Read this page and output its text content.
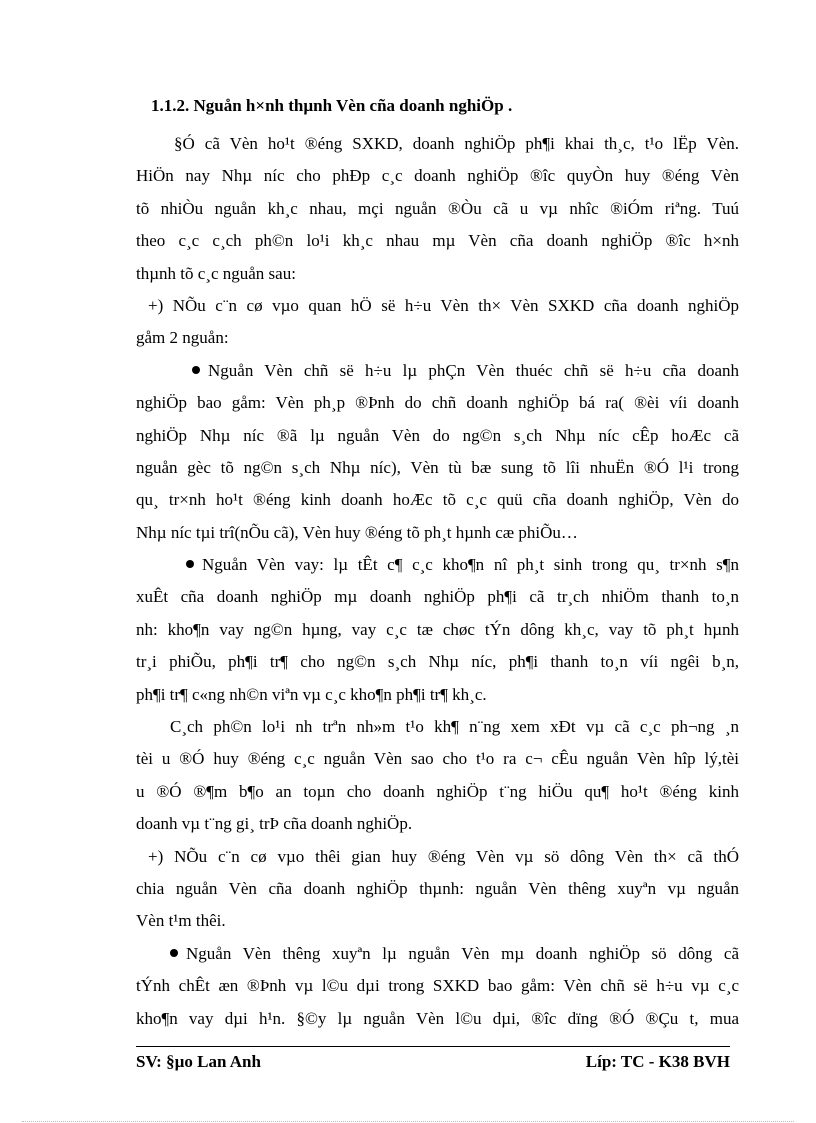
1.1.2. Nguån h×nh thµnh Vèn cña doanh nghiÖp .
§Ó cã Vèn ho¹t ®éng SXKD, doanh nghiÖp ph¶i khai th¸c, t¹o lËp Vèn.
HiÖn nay Nhµ níc cho phÐp c¸c doanh nghiÖp ®îc quyÒn huy ®éng Vèn
tõ nhiÒu nguån kh¸c nhau, mçi nguån ®Òu cã u vµ nhîc ®iÓm riªng. Tuú
theo c¸c c¸ch ph©n lo¹i kh¸c nhau mµ Vèn cña doanh nghiÖp ®îc h×nh
thµnh tõ c¸c nguån sau:
+) NÕu c¨n cø vµo quan hÖ së h÷u Vèn th× Vèn SXKD cña doanh nghiÖp
gåm 2 nguån:
Nguån Vèn chñ së h÷u lµ phÇn Vèn thuéc chñ së h÷u cña doanh
nghiÖp bao gåm: Vèn ph¸p ®Þnh do chñ doanh nghiÖp bá ra( ®èi víi doanh
nghiÖp Nhµ níc ®ã lµ nguån Vèn do ng©n s¸ch Nhµ níc cÊp hoÆc cã
nguån gèc tõ ng©n s¸ch Nhµ níc), Vèn tù bæ sung tõ lîi nhuËn ®Ó l¹i trong
qu¸ tr×nh ho¹t ®éng kinh doanh hoÆc tõ c¸c quü cña doanh nghiÖp, Vèn do
Nhµ níc tµi trî(nÕu cã), Vèn huy ®éng tõ ph¸t hµnh cæ phiÕu…
Nguån Vèn vay: lµ tÊt c¶ c¸c kho¶n nî ph¸t sinh trong qu¸ tr×nh s¶n
xuÊt cña doanh nghiÖp mµ doanh nghiÖp ph¶i cã tr¸ch nhiÖm thanh to¸n
nh: kho¶n vay ng©n hµng, vay c¸c tæ chøc tÝn dông kh¸c, vay tõ ph¸t hµnh
tr¸i phiÕu, ph¶i tr¶ cho ng©n s¸ch Nhµ níc, ph¶i thanh to¸n víi ngêi b¸n,
ph¶i tr¶ c«ng nh©n viªn vµ c¸c kho¶n ph¶i tr¶ kh¸c.
C¸ch ph©n lo¹i nh trªn nh»m t¹o kh¶ n¨ng xem xÐt vµ cã c¸c ph¬ng ¸n
tèi u ®Ó huy ®éng c¸c nguån Vèn sao cho t¹o ra c¬ cÊu nguån Vèn hîp lý,tèi
u ®Ó ®¶m b¶o an toµn cho doanh nghiÖp t¨ng hiÖu qu¶ ho¹t ®éng kinh
doanh vµ t¨ng gi¸ trÞ cña doanh nghiÖp.
+) NÕu c¨n cø vµo thêi gian huy ®éng Vèn vµ sö dông Vèn th× cã thÓ
chia nguån Vèn cña doanh nghiÖp thµnh: nguån Vèn thêng xuyªn vµ nguån
Vèn t¹m thêi.
Nguån Vèn thêng xuyªn lµ nguån Vèn mµ doanh nghiÖp sö dông cã
tÝnh chÊt æn ®Þnh vµ l©u dµi trong SXKD bao gåm: Vèn chñ së h÷u vµ c¸c
kho¶n vay dµi h¹n. §©y lµ nguån Vèn l©u dµi, ®îc dïng ®Ó ®Çu t, mua
SV: §µo Lan Anh	Líp: TC - K38 BVH
